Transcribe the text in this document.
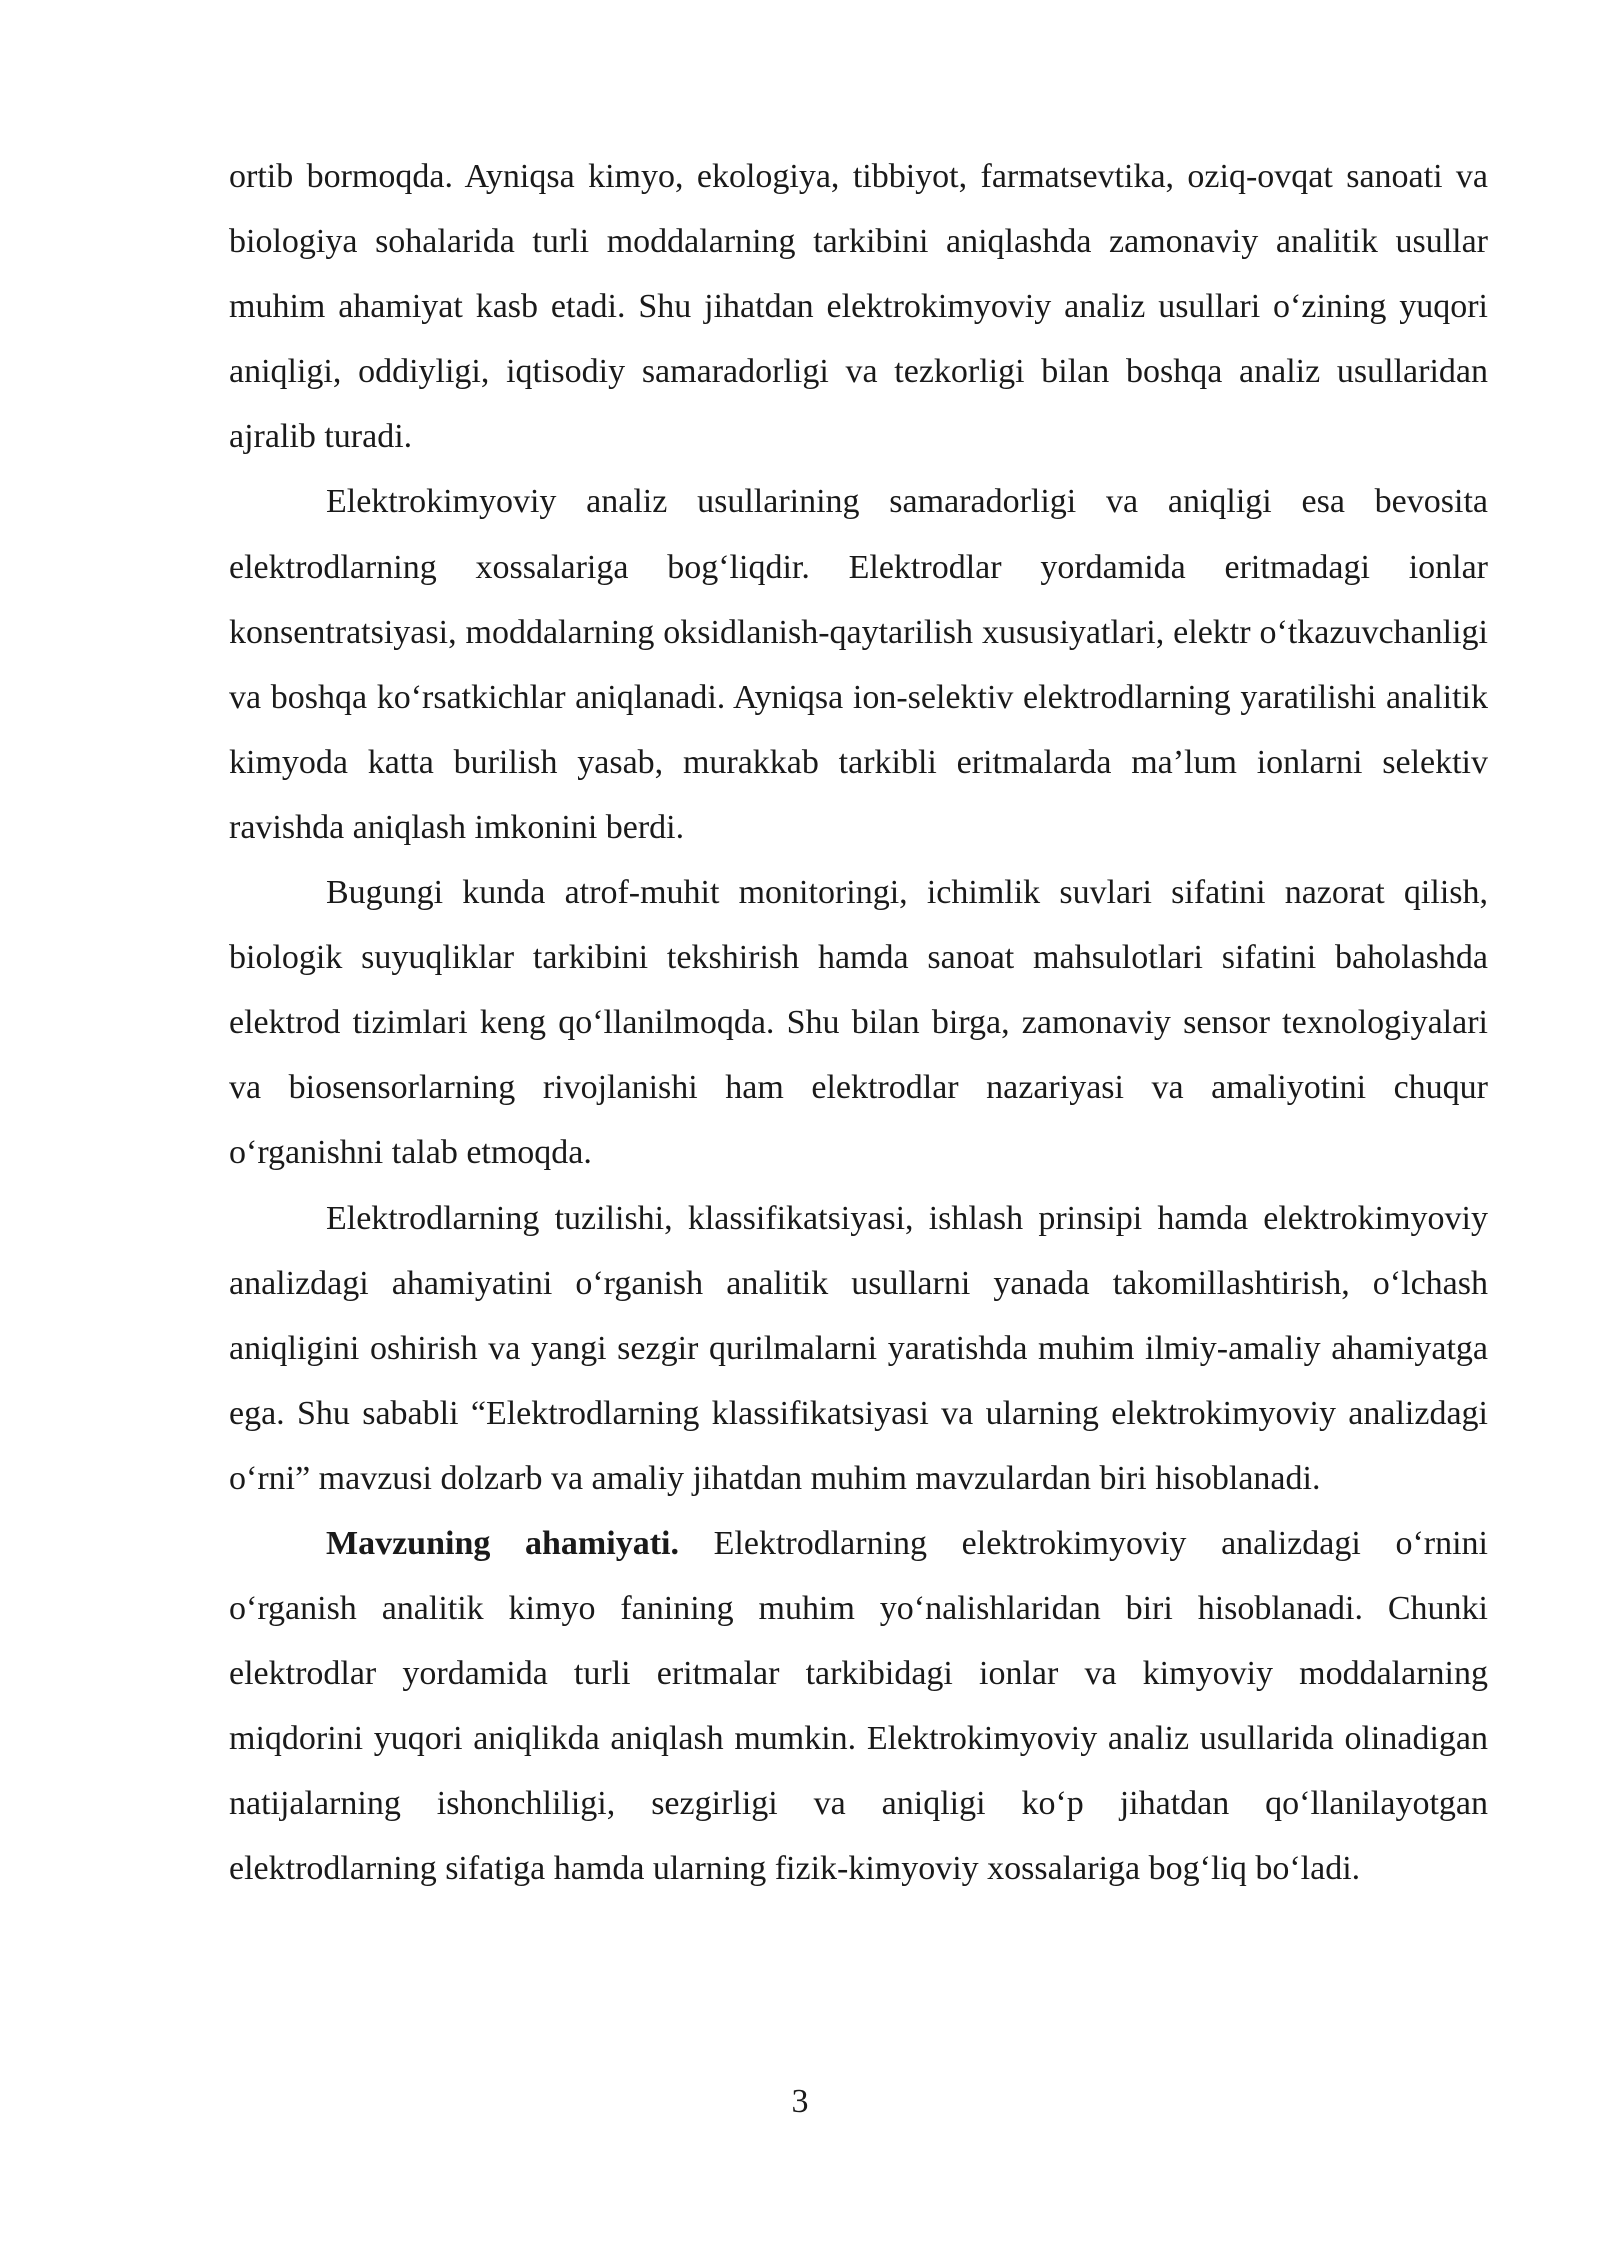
ortib bormoqda. Ayniqsa kimyo, ekologiya, tibbiyot, farmatsevtika, oziq-ovqat sanoati va biologiya sohalarida turli moddalarning tarkibini aniqlashda zamonaviy analitik usullar muhim ahamiyat kasb etadi. Shu jihatdan elektrokimyoviy analiz usullari o‘zining yuqori aniqligi, oddiyligi, iqtisodiy samaradorligi va tezkorligi bilan boshqa analiz usullaridan ajralib turadi.

Elektrokimyoviy analiz usullarining samaradorligi va aniqligi esa bevosita elektrodlarning xossalariga bog‘liqdir. Elektrodlar yordamida eritmadagi ionlar konsentratsiyasi, moddalarning oksidlanish-qaytarilish xususiyatlari, elektr o‘tkazuvchanligi va boshqa ko‘rsatkichlar aniqlanadi. Ayniqsa ion-selektiv elektrodlarning yaratilishi analitik kimyoda katta burilish yasab, murakkab tarkibli eritmalarda ma’lum ionlarni selektiv ravishda aniqlash imkonini berdi.

Bugungi kunda atrof-muhit monitoringi, ichimlik suvlari sifatini nazorat qilish, biologik suyuqliklar tarkibini tekshirish hamda sanoat mahsulotlari sifatini baholashda elektrod tizimlari keng qo‘llanilmoqda. Shu bilan birga, zamonaviy sensor texnologiyalari va biosensorlarning rivojlanishi ham elektrodlar nazariyasi va amaliyotini chuqur o‘rganishni talab etmoqda.

Elektrodlarning tuzilishi, klassifikatsiyasi, ishlash prinsipi hamda elektrokimyoviy analizdagi ahamiyatini o‘rganish analitik usullarni yanada takomillashtirish, o‘lchash aniqligini oshirish va yangi sezgir qurilmalarni yaratishda muhim ilmiy-amaliy ahamiyatga ega. Shu sababli “Elektrodlarning klassifikatsiyasi va ularning elektrokimyoviy analizdagi o‘rni” mavzusi dolzarb va amaliy jihatdan muhim mavzulardan biri hisoblanadi.

Mavzuning ahamiyati. Elektrodlarning elektrokimyoviy analizdagi o‘rnini o‘rganish analitik kimyo fanining muhim yo‘nalishlaridan biri hisoblanadi. Chunki elektrodlar yordamida turli eritmalar tarkibidagi ionlar va kimyoviy moddalarning miqdorini yuqori aniqlikda aniqlash mumkin. Elektrokimyoviy analiz usullarida olinadigan natijalarning ishonchliligi, sezgirligi va aniqligi ko‘p jihatdan qo‘llanilayotgan elektrodlarning sifatiga hamda ularning fizik-kimyoviy xossalariga bog‘liq bo‘ladi.

3
